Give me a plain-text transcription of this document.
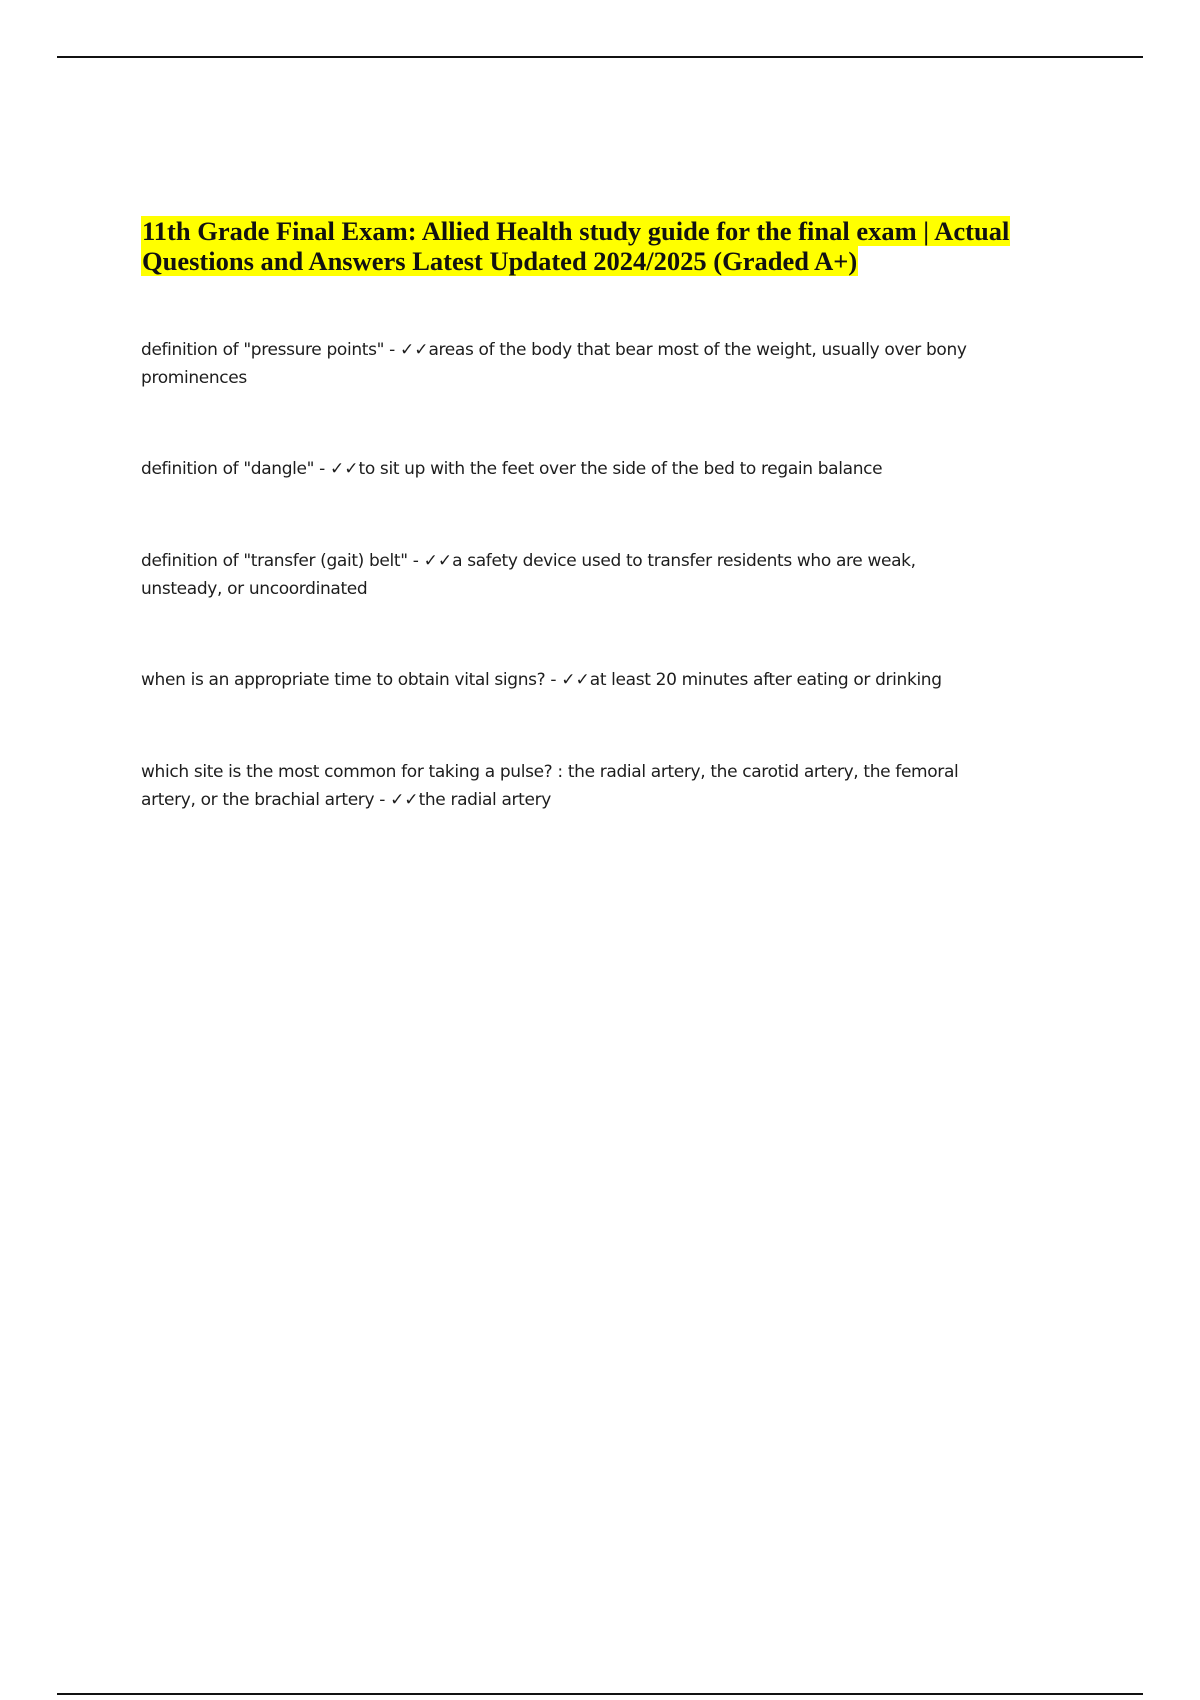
11th Grade Final Exam: Allied Health study guide for the final exam | Actual Questions and Answers Latest Updated 2024/2025 (Graded A+)

definition of "pressure points" - ✓✓areas of the body that bear most of the weight, usually over bony prominences

definition of "dangle" - ✓✓to sit up with the feet over the side of the bed to regain balance

definition of "transfer (gait) belt" - ✓✓a safety device used to transfer residents who are weak, unsteady, or uncoordinated

when is an appropriate time to obtain vital signs? - ✓✓at least 20 minutes after eating or drinking

which site is the most common for taking a pulse? : the radial artery, the carotid artery, the femoral artery, or the brachial artery - ✓✓the radial artery
